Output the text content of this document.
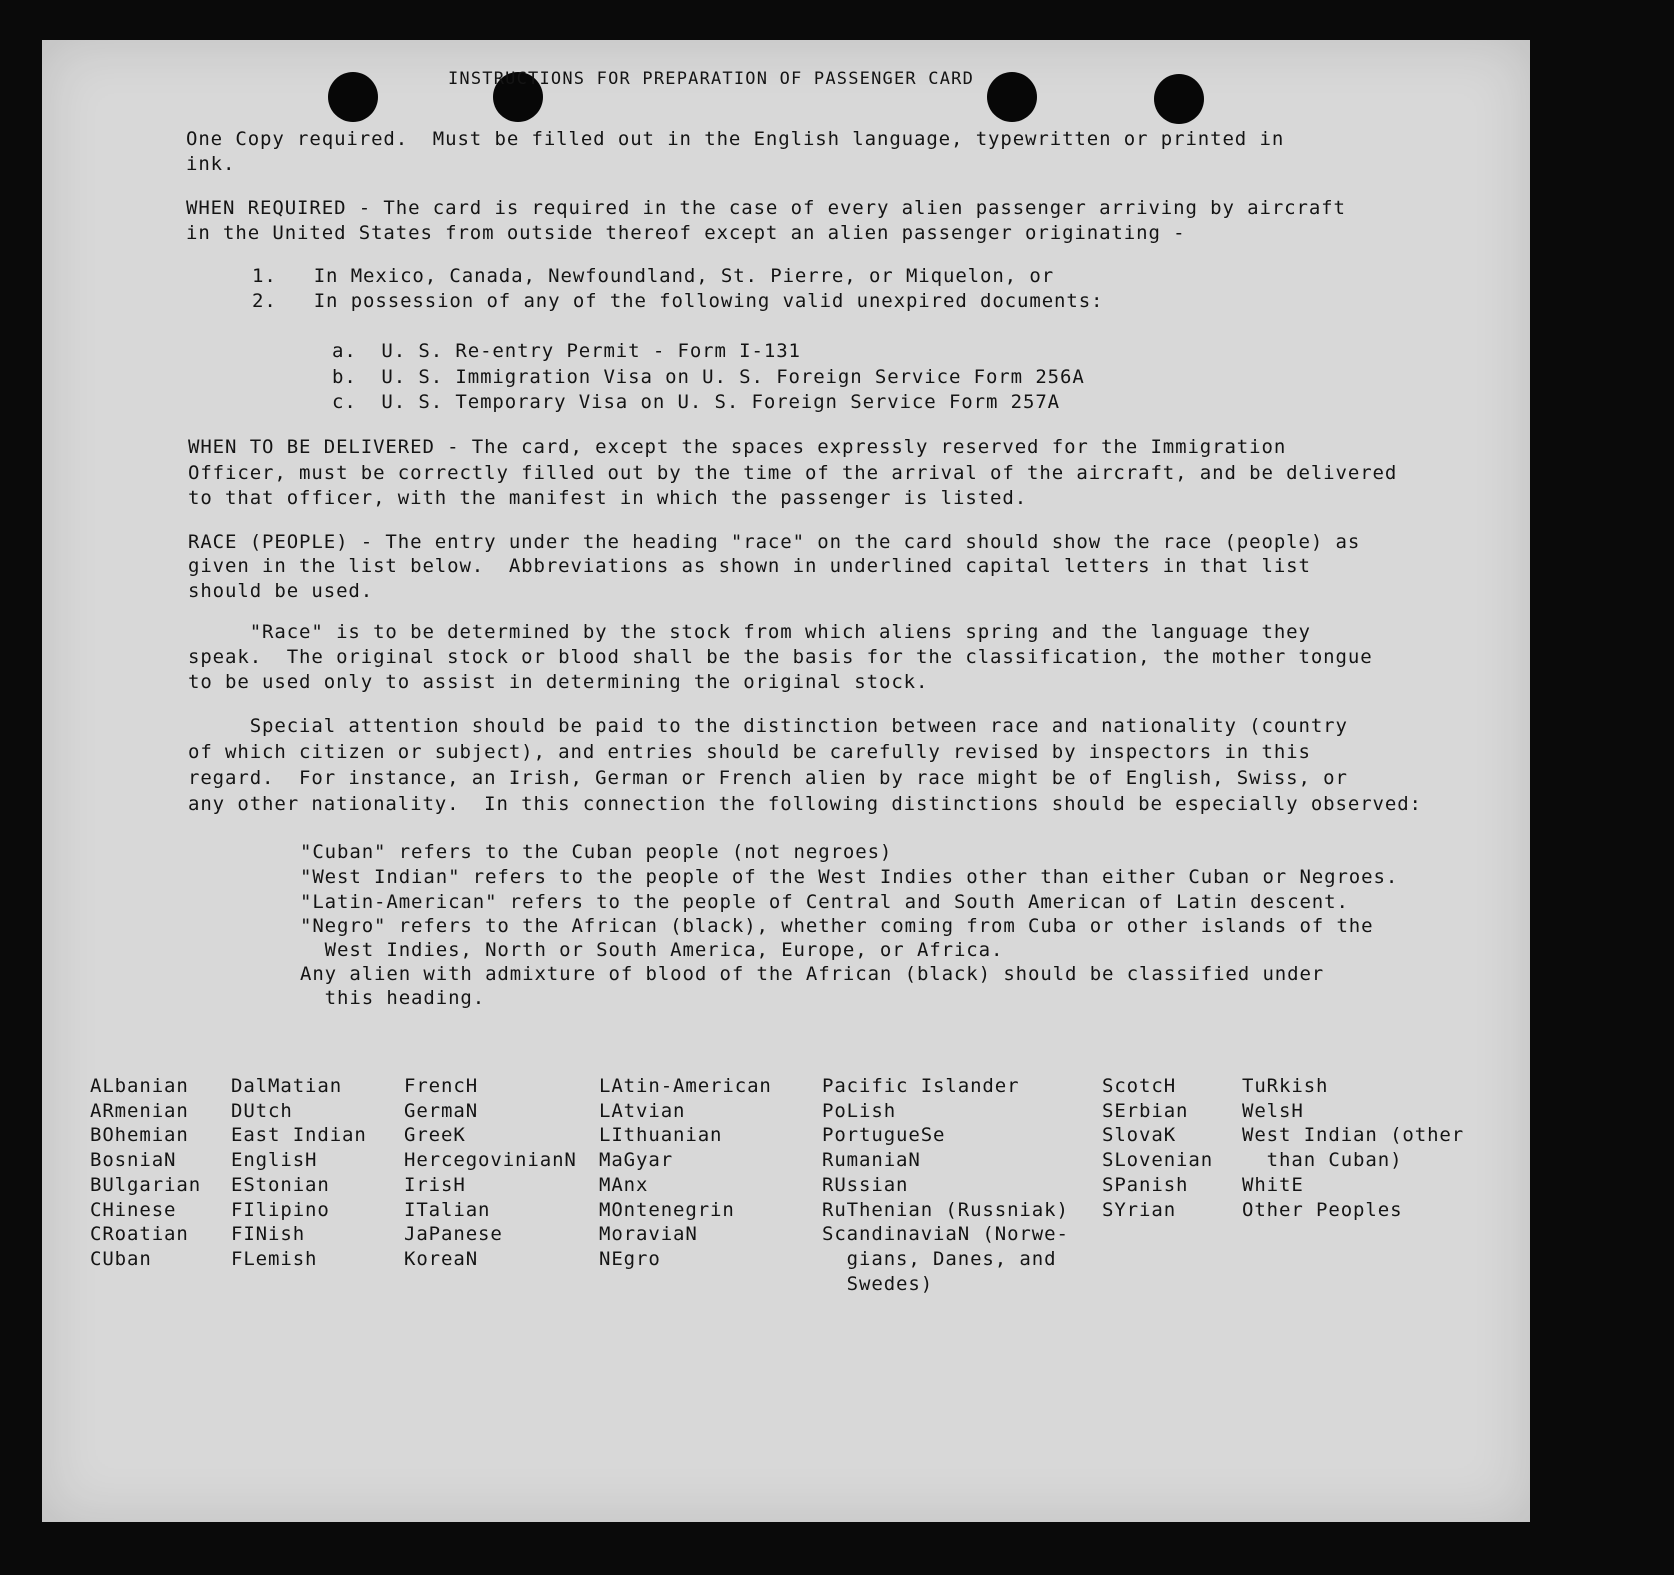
INSTRUCTIONS FOR PREPARATION OF PASSENGER CARD
One Copy required.  Must be filled out in the English language, typewritten or printed in
ink.
WHEN REQUIRED - The card is required in the case of every alien passenger arriving by aircraft
in the United States from outside thereof except an alien passenger originating -
1.   In Mexico, Canada, Newfoundland, St. Pierre, or Miquelon, or
2.   In possession of any of the following valid unexpired documents:
a.  U. S. Re-entry Permit - Form I-131
b.  U. S. Immigration Visa on U. S. Foreign Service Form 256A
c.  U. S. Temporary Visa on U. S. Foreign Service Form 257A
WHEN TO BE DELIVERED - The card, except the spaces expressly reserved for the Immigration
Officer, must be correctly filled out by the time of the arrival of the aircraft, and be delivered
to that officer, with the manifest in which the passenger is listed.
RACE (PEOPLE) - The entry under the heading "race" on the card should show the race (people) as
given in the list below.  Abbreviations as shown in underlined capital letters in that list
should be used.
"Race" is to be determined by the stock from which aliens spring and the language they
speak.  The original stock or blood shall be the basis for the classification, the mother tongue
to be used only to assist in determining the original stock.
Special attention should be paid to the distinction between race and nationality (country
of which citizen or subject), and entries should be carefully revised by inspectors in this
regard.  For instance, an Irish, German or French alien by race might be of English, Swiss, or
any other nationality.  In this connection the following distinctions should be especially observed:
"Cuban" refers to the Cuban people (not negroes)
"West Indian" refers to the people of the West Indies other than either Cuban or Negroes.
"Latin-American" refers to the people of Central and South American of Latin descent.
"Negro" refers to the African (black), whether coming from Cuba or other islands of the
West Indies, North or South America, Europe, or Africa.
Any alien with admixture of blood of the African (black) should be classified under
this heading.
ALbanian
ARmenian
BOhemian
BosniaN
BUlgarian
CHinese
CRoatian
CUban
DalMatian
DUtch
East Indian
EnglisH
EStonian
FIlipino
FINish
FLemish
FrencH
GermaN
GreeK
HercegovinianN
IrisH
ITalian
JaPanese
KoreaN
LAtin-American
LAtvian
LIthuanian
MaGyar
MAnx
MOntenegrin
MoraviaN
NEgro
Pacific Islander
PoLish
PortugueSe
RumaniaN
RUssian
RuThenian (Russniak)
ScandinaviaN (Norwe-
gians, Danes, and
Swedes)
ScotcH
SErbian
SlovaK
SLovenian
SPanish
SYrian
TuRkish
WelsH
West Indian (other
than Cuban)
WhitE
Other Peoples
